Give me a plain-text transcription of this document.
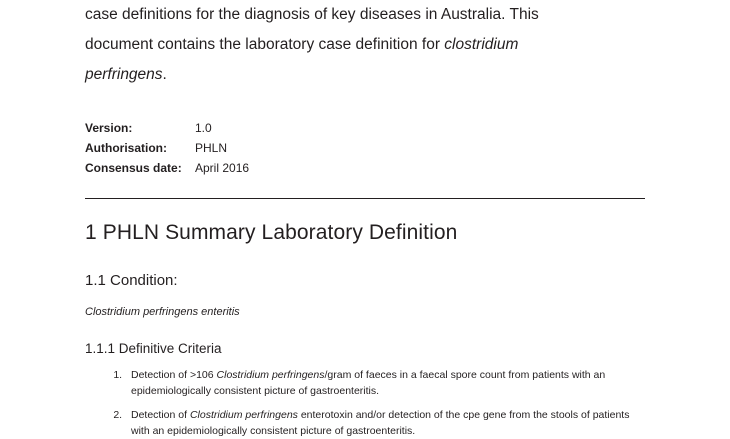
case definitions for the diagnosis of key diseases in Australia. This

document contains the laboratory case definition for clostridium

perfringens.

Version:	1.0
Authorisation:	PHLN
Consensus date:	April 2016
1 PHLN Summary Laboratory Definition
1.1 Condition:
Clostridium perfringens enteritis
1.1.1 Definitive Criteria
1. Detection of >106 Clostridium perfringens/gram of faeces in a faecal spore count from patients with an epidemiologically consistent picture of gastroenteritis.
2. Detection of Clostridium perfringens enterotoxin and/or detection of the cpe gene from the stools of patients with an epidemiologically consistent picture of gastroenteritis.
